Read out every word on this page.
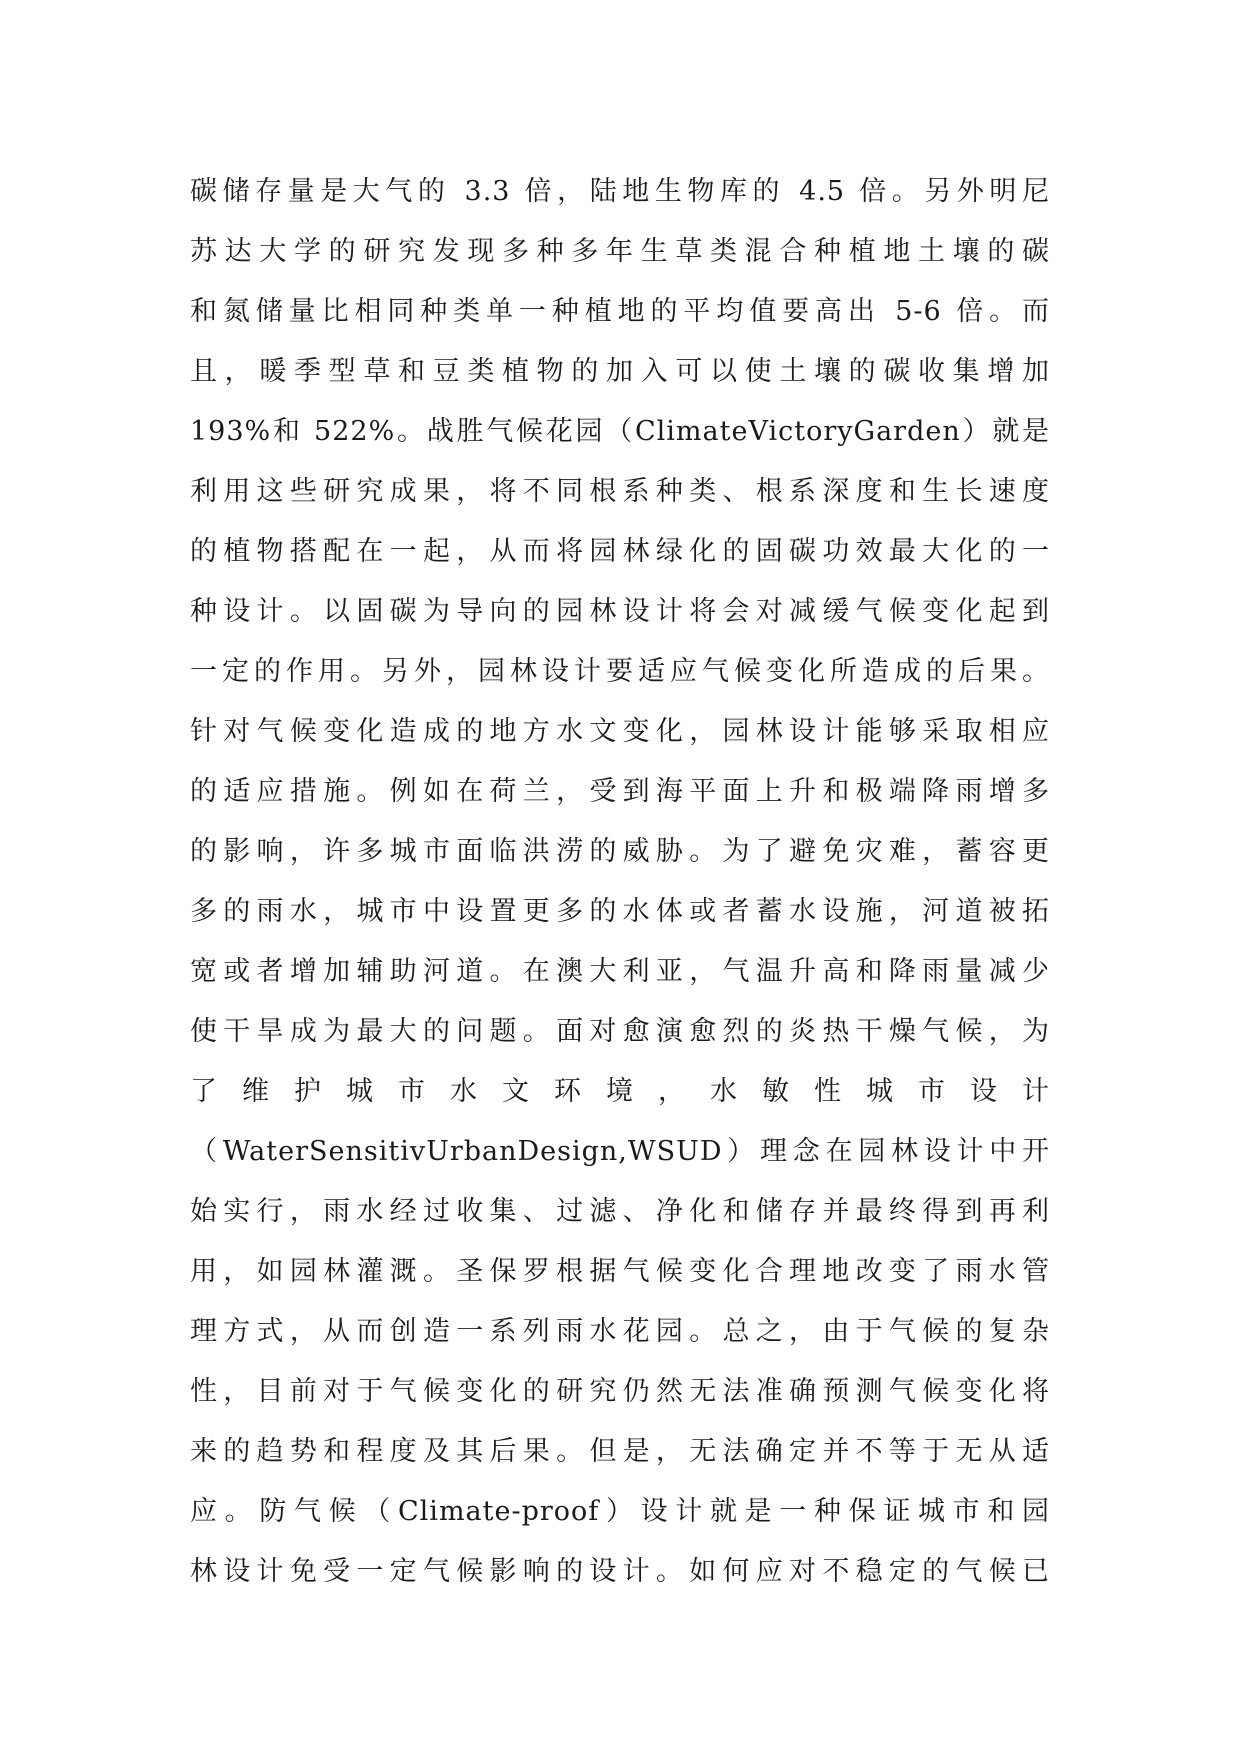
碳储存量是大气的 3.3 倍，陆地生物库的 4.5 倍。另外明尼
苏达大学的研究发现多种多年生草类混合种植地土壤的碳
和氮储量比相同种类单一种植地的平均值要高出 5-6 倍。而
且，暖季型草和豆类植物的加入可以使土壤的碳收集增加
193%和 522%。战胜气候花园（ClimateVictoryGarden）就是
利用这些研究成果，将不同根系种类、根系深度和生长速度
的植物搭配在一起，从而将园林绿化的固碳功效最大化的一
种设计。以固碳为导向的园林设计将会对减缓气候变化起到
一定的作用。另外，园林设计要适应气候变化所造成的后果。
针对气候变化造成的地方水文变化，园林设计能够采取相应
的适应措施。例如在荷兰，受到海平面上升和极端降雨增多
的影响，许多城市面临洪涝的威胁。为了避免灾难，蓄容更
多的雨水，城市中设置更多的水体或者蓄水设施，河道被拓
宽或者增加辅助河道。在澳大利亚，气温升高和降雨量减少
使干旱成为最大的问题。面对愈演愈烈的炎热干燥气候，为
了 维 护 城 市 水 文 环 境 ， 水 敏 性 城 市 设 计
（WaterSensitivUrbanDesign,WSUD）理念在园林设计中开
始实行，雨水经过收集、过滤、净化和储存并最终得到再利
用，如园林灌溉。圣保罗根据气候变化合理地改变了雨水管
理方式，从而创造一系列雨水花园。总之，由于气候的复杂
性，目前对于气候变化的研究仍然无法准确预测气候变化将
来的趋势和程度及其后果。但是，无法确定并不等于无从适
应。防气候（Climate-proof）设计就是一种保证城市和园
林设计免受一定气候影响的设计。如何应对不稳定的气候已
